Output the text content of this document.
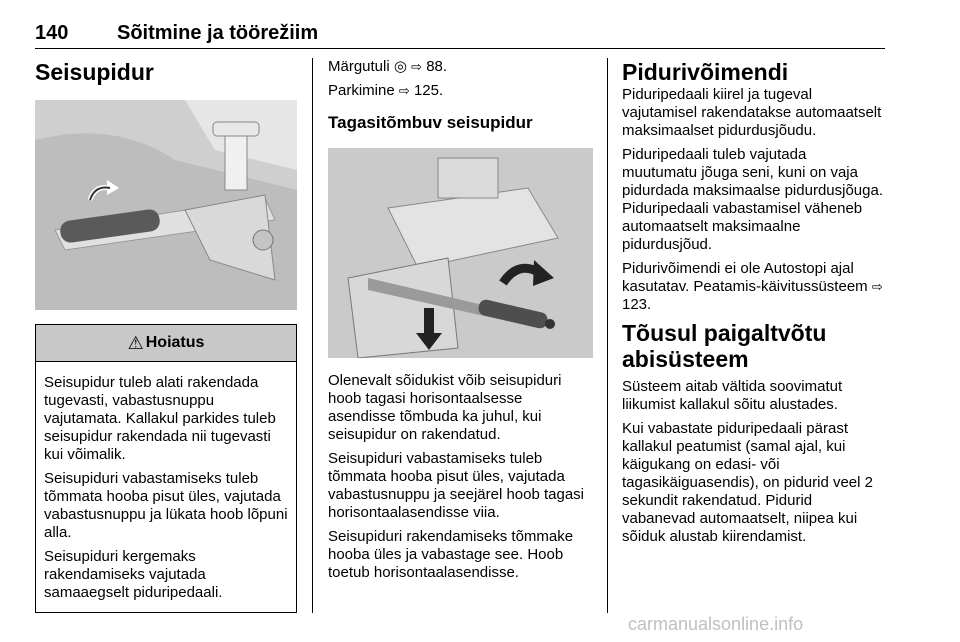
140 Sõitmine ja töörežiim
Seisupidur
⚠ Hoiatus

Seisupidur tuleb alati rakendada tugevasti, vabastusnuppu vajutamata. Kallakul parkides tuleb seisupidur rakendada nii tugevasti kui võimalik.

Seisupiduri vabastamiseks tuleb tõmmata hooba pisut üles, vajutada vabastusnuppu ja lükata hoob lõpuni alla.

Seisupiduri kergemaks rakendamiseks vajutada samaaegselt piduripedaali.

Märgutuli ◎ ⇨ 88.

Parkimine ⇨ 125.

Tagasitõmbuv seisupidur

Olenevalt sõidukist võib seisupiduri hoob tagasi horisontaalsesse asendisse tõmbuda ka juhul, kui seisupidur on rakendatud.

Seisupiduri vabastamiseks tuleb tõmmata hooba pisut üles, vajutada vabastusnuppu ja seejärel hoob tagasi horisontaalasendisse viia.

Seisupiduri rakendamiseks tõmmake hooba üles ja vabastage see. Hoob toetub horisontaalasendisse.

Pidurivõimendi

Piduripedaali kiirel ja tugeval vajutamisel rakendatakse automaatselt maksimaalset pidurdusjõudu.

Piduripedaali tuleb vajutada muutumatu jõuga seni, kuni on vaja pidurdada maksimaalse pidurdusjõuga. Piduripedaali vabastamisel väheneb automaatselt maksimaalne pidurdusjõud.

Pidurivõimendi ei ole Autostopi ajal kasutatav. Peatamis-käivitussüsteem ⇨ 123.

Tõusul paigaltvõtu abisüsteem

Süsteem aitab vältida soovimatut liikumist kallakul sõitu alustades.

Kui vabastate piduripedaali pärast kallakul peatumist (samal ajal, kui käigukang on edasi- või tagasikäiguasendis), on pidurid veel 2 sekundit rakendatud. Pidurid vabanevad automaatselt, niipea kui sõiduk alustab kiirendamist.

carmanualsonline.info
